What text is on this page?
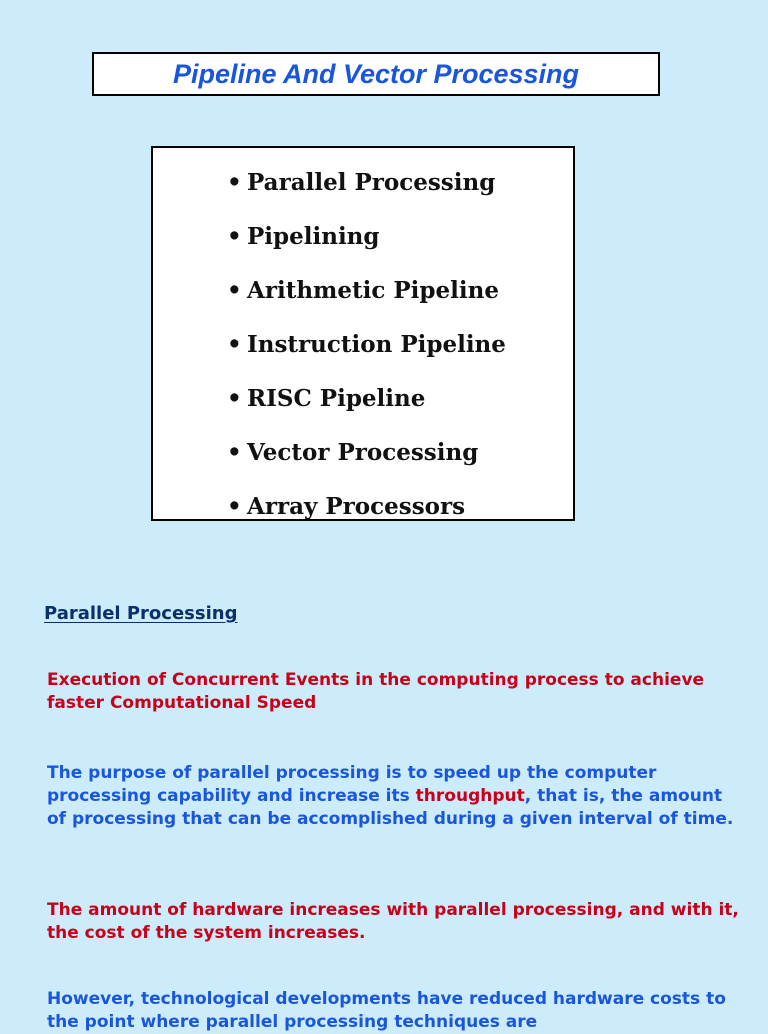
Pipeline And Vector Processing
• Parallel Processing
• Pipelining
• Arithmetic Pipeline
• Instruction Pipeline
• RISC Pipeline
• Vector Processing
• Array Processors
Parallel Processing

Execution of Concurrent Events in the computing process to achieve faster Computational Speed

The purpose of parallel processing is to speed up the computer processing capability and increase its throughput, that is, the amount of processing that can be accomplished during a given interval of time.

The amount of hardware increases with parallel processing, and with it, the cost of the system increases.

However, technological developments have reduced hardware costs to the point where parallel processing techniques are
